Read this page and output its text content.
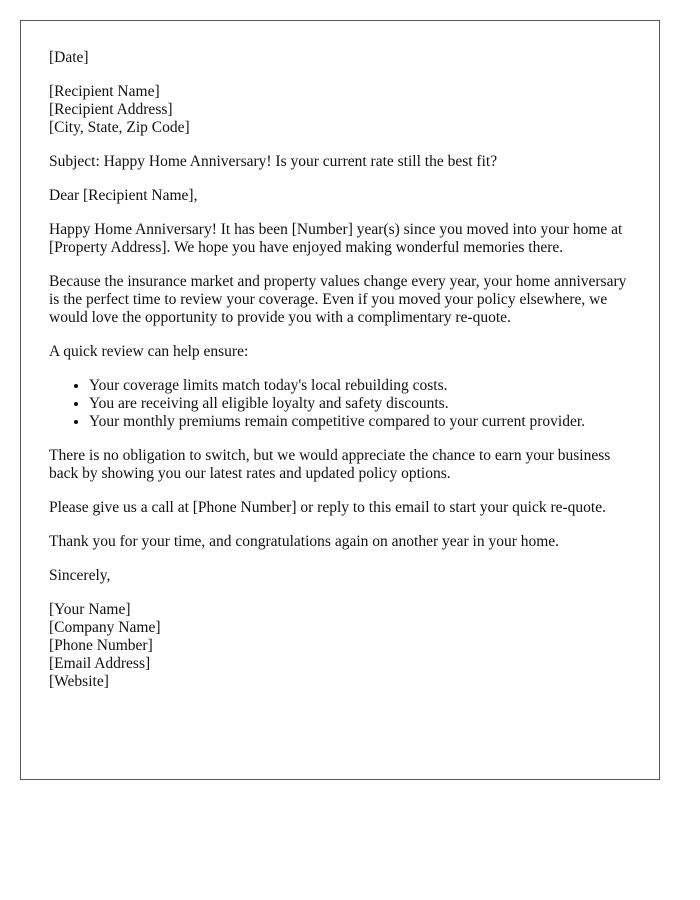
[Date]

[Recipient Name]
[Recipient Address]
[City, State, Zip Code]

Subject: Happy Home Anniversary! Is your current rate still the best fit?

Dear [Recipient Name],

Happy Home Anniversary! It has been [Number] year(s) since you moved into your home at [Property Address]. We hope you have enjoyed making wonderful memories there.

Because the insurance market and property values change every year, your home anniversary is the perfect time to review your coverage. Even if you moved your policy elsewhere, we would love the opportunity to provide you with a complimentary re-quote.

A quick review can help ensure:

• Your coverage limits match today's local rebuilding costs.
• You are receiving all eligible loyalty and safety discounts.
• Your monthly premiums remain competitive compared to your current provider.

There is no obligation to switch, but we would appreciate the chance to earn your business back by showing you our latest rates and updated policy options.

Please give us a call at [Phone Number] or reply to this email to start your quick re-quote.

Thank you for your time, and congratulations again on another year in your home.

Sincerely,

[Your Name]
[Company Name]
[Phone Number]
[Email Address]
[Website]
